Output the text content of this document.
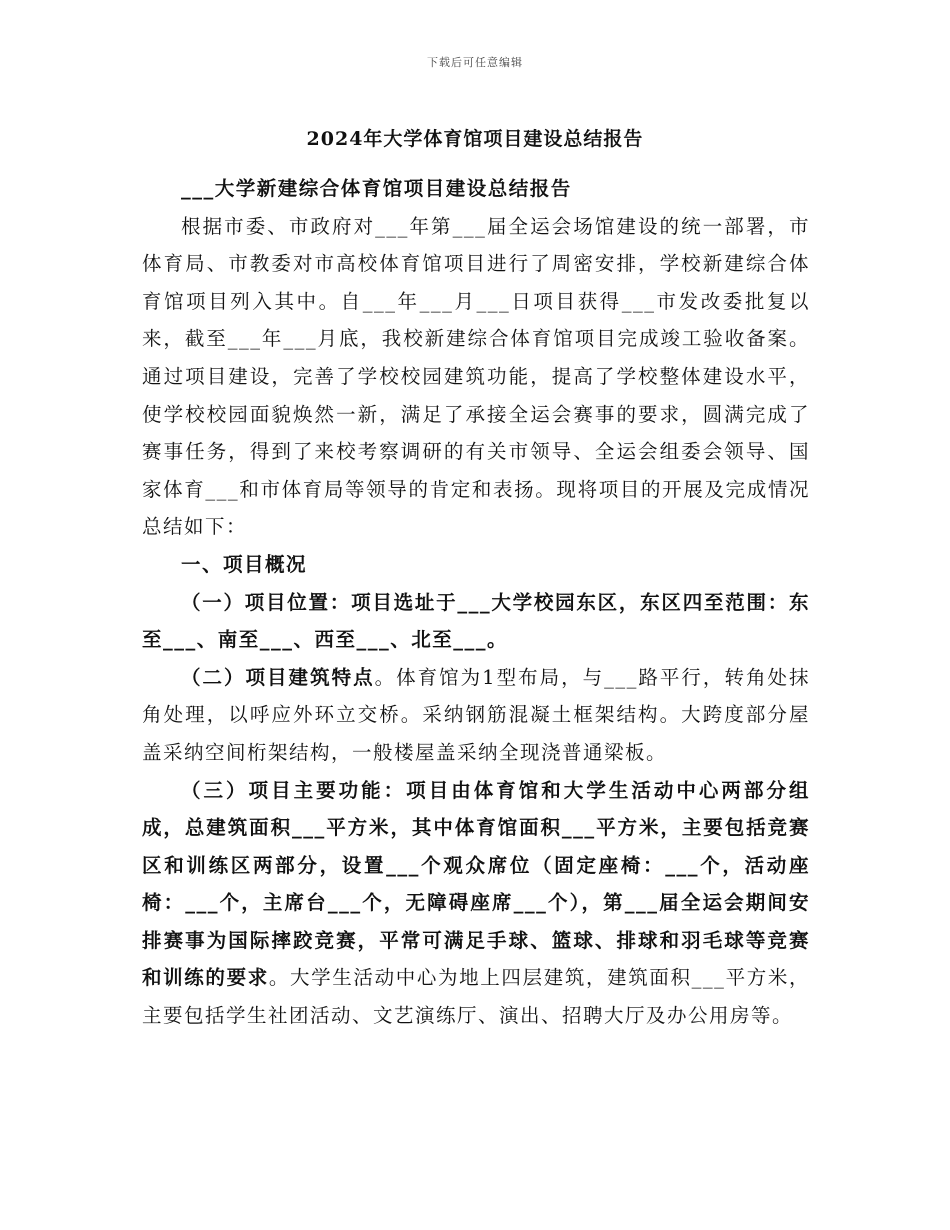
下载后可任意编辑
2024年大学体育馆项目建设总结报告

___大学新建综合体育馆项目建设总结报告

根据市委、市政府对___年第___届全运会场馆建设的统一部署，市体育局、市教委对市高校体育馆项目进行了周密安排，学校新建综合体育馆项目列入其中。自___年___月___日项目获得___市发改委批复以来，截至___年___月底，我校新建综合体育馆项目完成竣工验收备案。通过项目建设，完善了学校校园建筑功能，提高了学校整体建设水平，使学校校园面貌焕然一新，满足了承接全运会赛事的要求，圆满完成了赛事任务，得到了来校考察调研的有关市领导、全运会组委会领导、国家体育___和市体育局等领导的肯定和表扬。现将项目的开展及完成情况总结如下：

一、项目概况

（一）项目位置：项目选址于___大学校园东区，东区四至范围：东至___、南至___、西至___、北至___。

（二）项目建筑特点。体育馆为1型布局，与___路平行，转角处抹角处理，以呼应外环立交桥。采纳钢筋混凝土框架结构。大跨度部分屋盖采纳空间桁架结构，一般楼屋盖采纳全现浇普通梁板。

（三）项目主要功能：项目由体育馆和大学生活动中心两部分组成，总建筑面积___平方米，其中体育馆面积___平方米，主要包括竞赛区和训练区两部分，设置___个观众席位（固定座椅：___个，活动座椅：___个，主席台___个，无障碍座席___个），第___届全运会期间安排赛事为国际摔跤竞赛，平常可满足手球、篮球、排球和羽毛球等竞赛和训练的要求。大学生活动中心为地上四层建筑，建筑面积___平方米，主要包括学生社团活动、文艺演练厅、演出、招聘大厅及办公用房等。
